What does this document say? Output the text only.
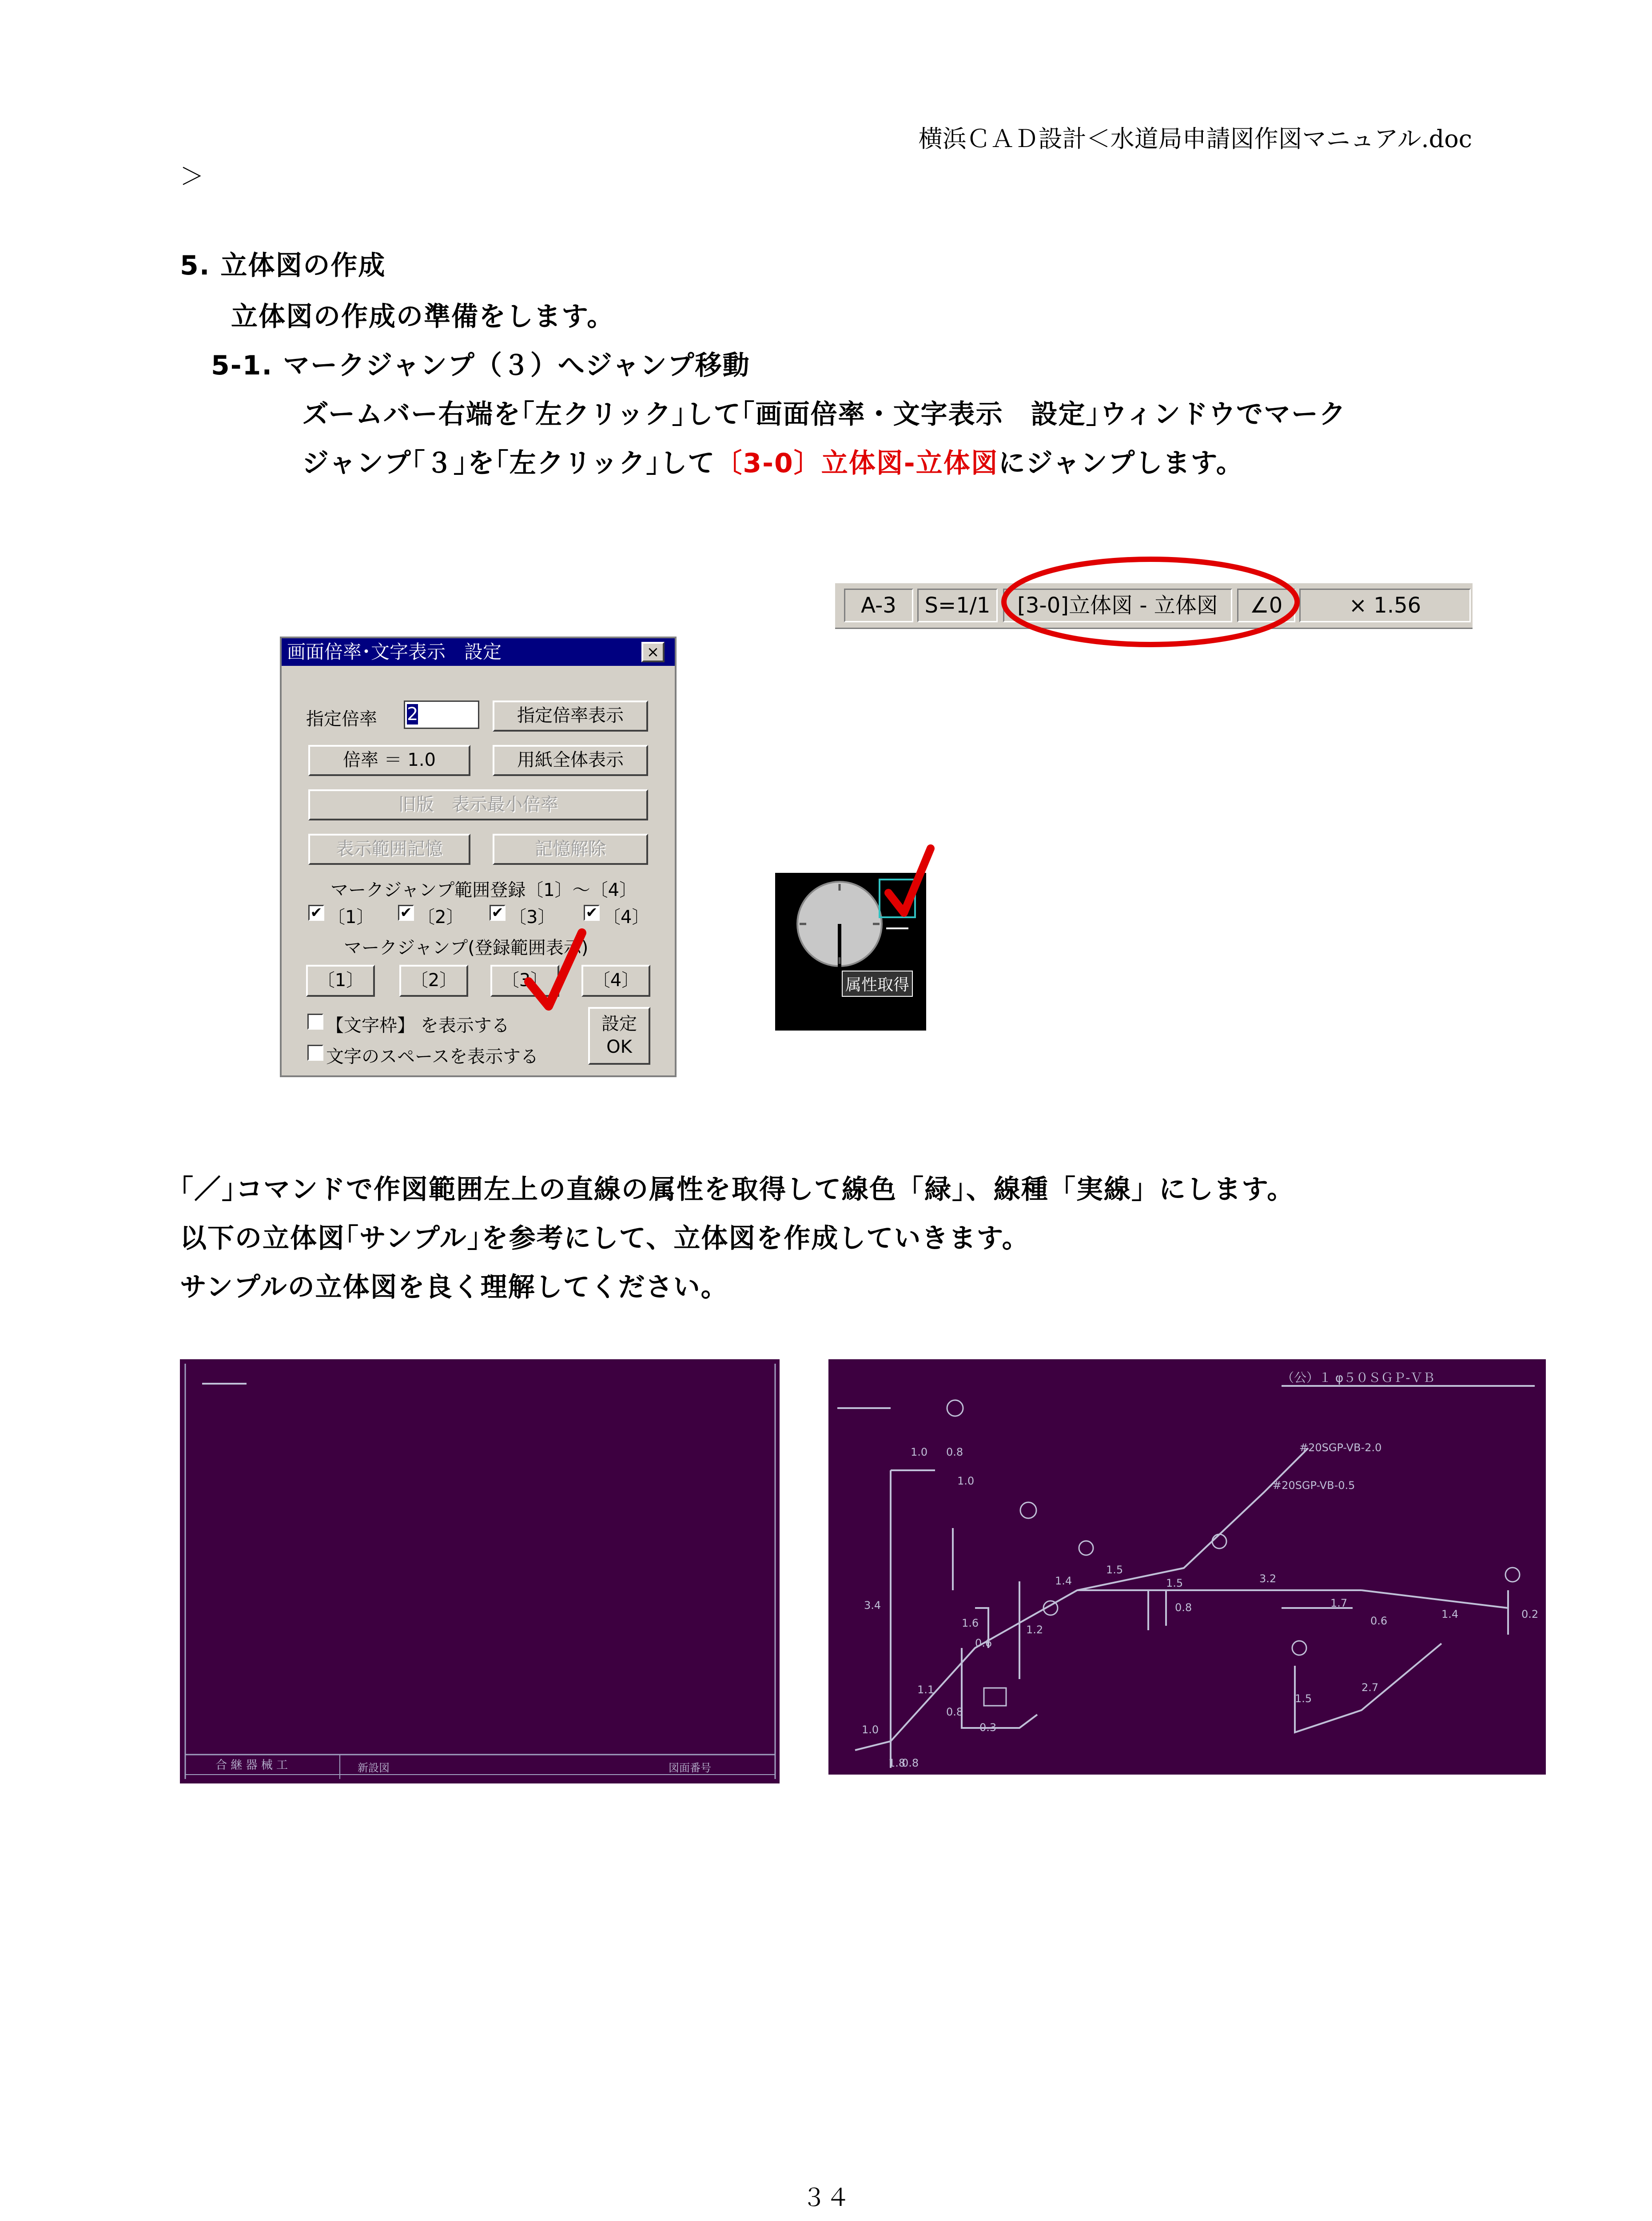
横浜ＣＡＤ設計＜水道局申請図作図マニュアル.doc
＞
5. 立体図の作成
立体図の作成の準備をします。
5-1. マークジャンプ（３）へジャンプ移動
ズームバー右端を｢左クリック｣して｢画面倍率・文字表示　設定｣ウィンドウでマーク
ジャンプ｢３｣を｢左クリック｣して〔3-0〕立体図-立体図にジャンプします。
A-3	S=1/1	[3-0]立体図 - 立体図	∠0	× 1.56
画面倍率･文字表示　設定	×
指定倍率 2	指定倍率表示
倍率 ＝ 1.0	用紙全体表示
旧版　表示最小倍率
表示範囲記憶	記憶解除
マークジャンプ範囲登録〔1〕～〔4〕
✔ 〔1〕 ✔ 〔2〕 ✔ 〔3〕 ✔ 〔4〕
マークジャンプ(登録範囲表示)
〔1〕	〔2〕	〔3〕	〔4〕
【文字枠】 を表示する
文字のスペースを表示する
設定
OK
属性取得
｢／｣コマンドで作図範囲左上の直線の属性を取得して線色「緑」、線種「実線」にします。
以下の立体図｢サンプル｣を参考にして、立体図を作成していきます。
サンプルの立体図を良く理解してください。
合 継 器 械 工	新設図	図面番号
（公）１ φ５０ＳＧＰ-ＶＢ
#20SGP-VB-2.0
#20SGP-VB-0.5
1.0 0.8
1.0
3.4
1.6
1.2
1.5
1.4	1.5
0.8
3.2
1.7
0.6
1.4	0.2
2.7
1.5
0.6
1.1
0.8
1.0	0.3
1.8
0.8
３４
